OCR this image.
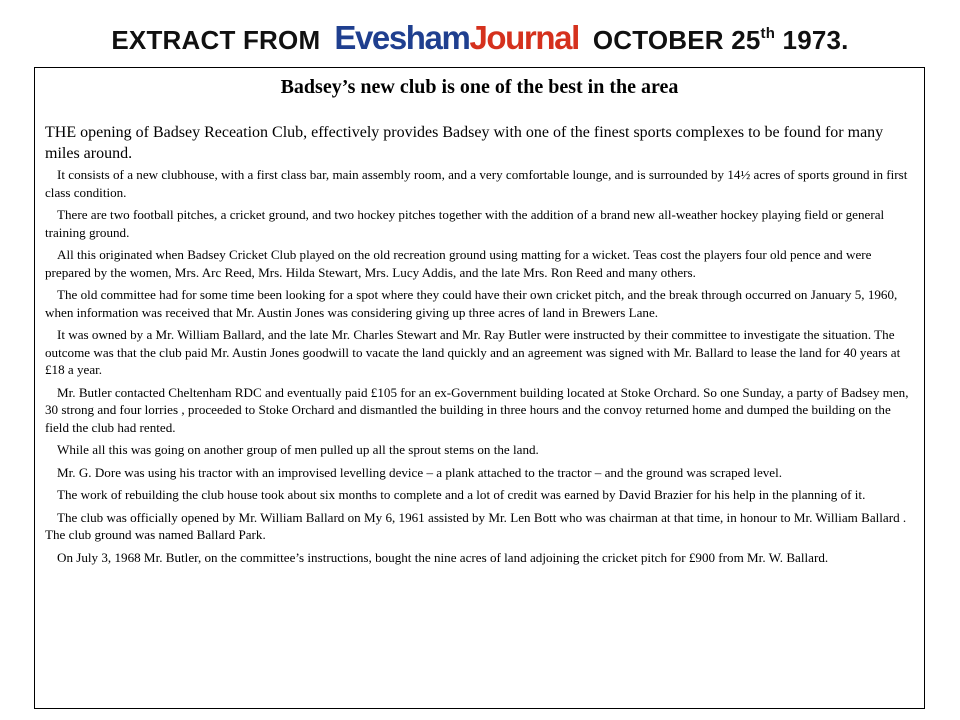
EXTRACT FROM EveshamJournal OCTOBER 25th 1973.
Badsey’s new club is one of the best in the area
THE opening of Badsey Receation Club, effectively provides Badsey with one of the finest sports complexes to be found for many miles around.

It consists of a new clubhouse, with a first class bar, main assembly room, and a very comfortable lounge, and is surrounded by 14½ acres of sports ground in first class condition.

There are two football pitches, a cricket ground, and two hockey pitches together with the addition of a brand new all-weather hockey playing field or general training ground.

All this originated when Badsey Cricket Club played on the old recreation ground using matting for a wicket. Teas cost the players four old pence and were prepared by the women, Mrs. Arc Reed, Mrs. Hilda Stewart, Mrs. Lucy Addis, and the late Mrs. Ron Reed and many others.

The old committee had for some time been looking for a spot where they could have their own cricket pitch, and the break through occurred on January 5, 1960, when information was received that Mr. Austin Jones was considering giving up three acres of land in Brewers Lane.

It was owned by a Mr. William Ballard, and the late Mr. Charles Stewart and Mr. Ray Butler were instructed by their committee to investigate the situation. The outcome was that the club paid Mr. Austin Jones goodwill to vacate the land quickly and an agreement was signed with Mr. Ballard to lease the land for 40 years at £18 a year.

Mr. Butler contacted Cheltenham RDC and eventually paid £105 for an ex-Government building located at Stoke Orchard. So one Sunday, a party of Badsey men, 30 strong and four lorries , proceeded to Stoke Orchard and dismantled the building in three hours and the convoy returned home and dumped the building on the field the club had rented.

While all this was going on another group of men pulled up all the sprout stems on the land.

Mr. G. Dore was using his tractor with an improvised levelling device – a plank attached to the tractor – and the ground was scraped level.

The work of rebuilding the club house took about six months to complete and a lot of credit was earned by David Brazier for his help in the planning of it.

The club was officially opened by Mr. William Ballard on My 6, 1961 assisted by Mr. Len Bott who was chairman at that time, in honour to Mr. William Ballard . The club ground was named Ballard Park.

On July 3, 1968 Mr. Butler, on the committee’s instructions, bought the nine acres of land adjoining the cricket pitch for £900 from Mr. W. Ballard.
